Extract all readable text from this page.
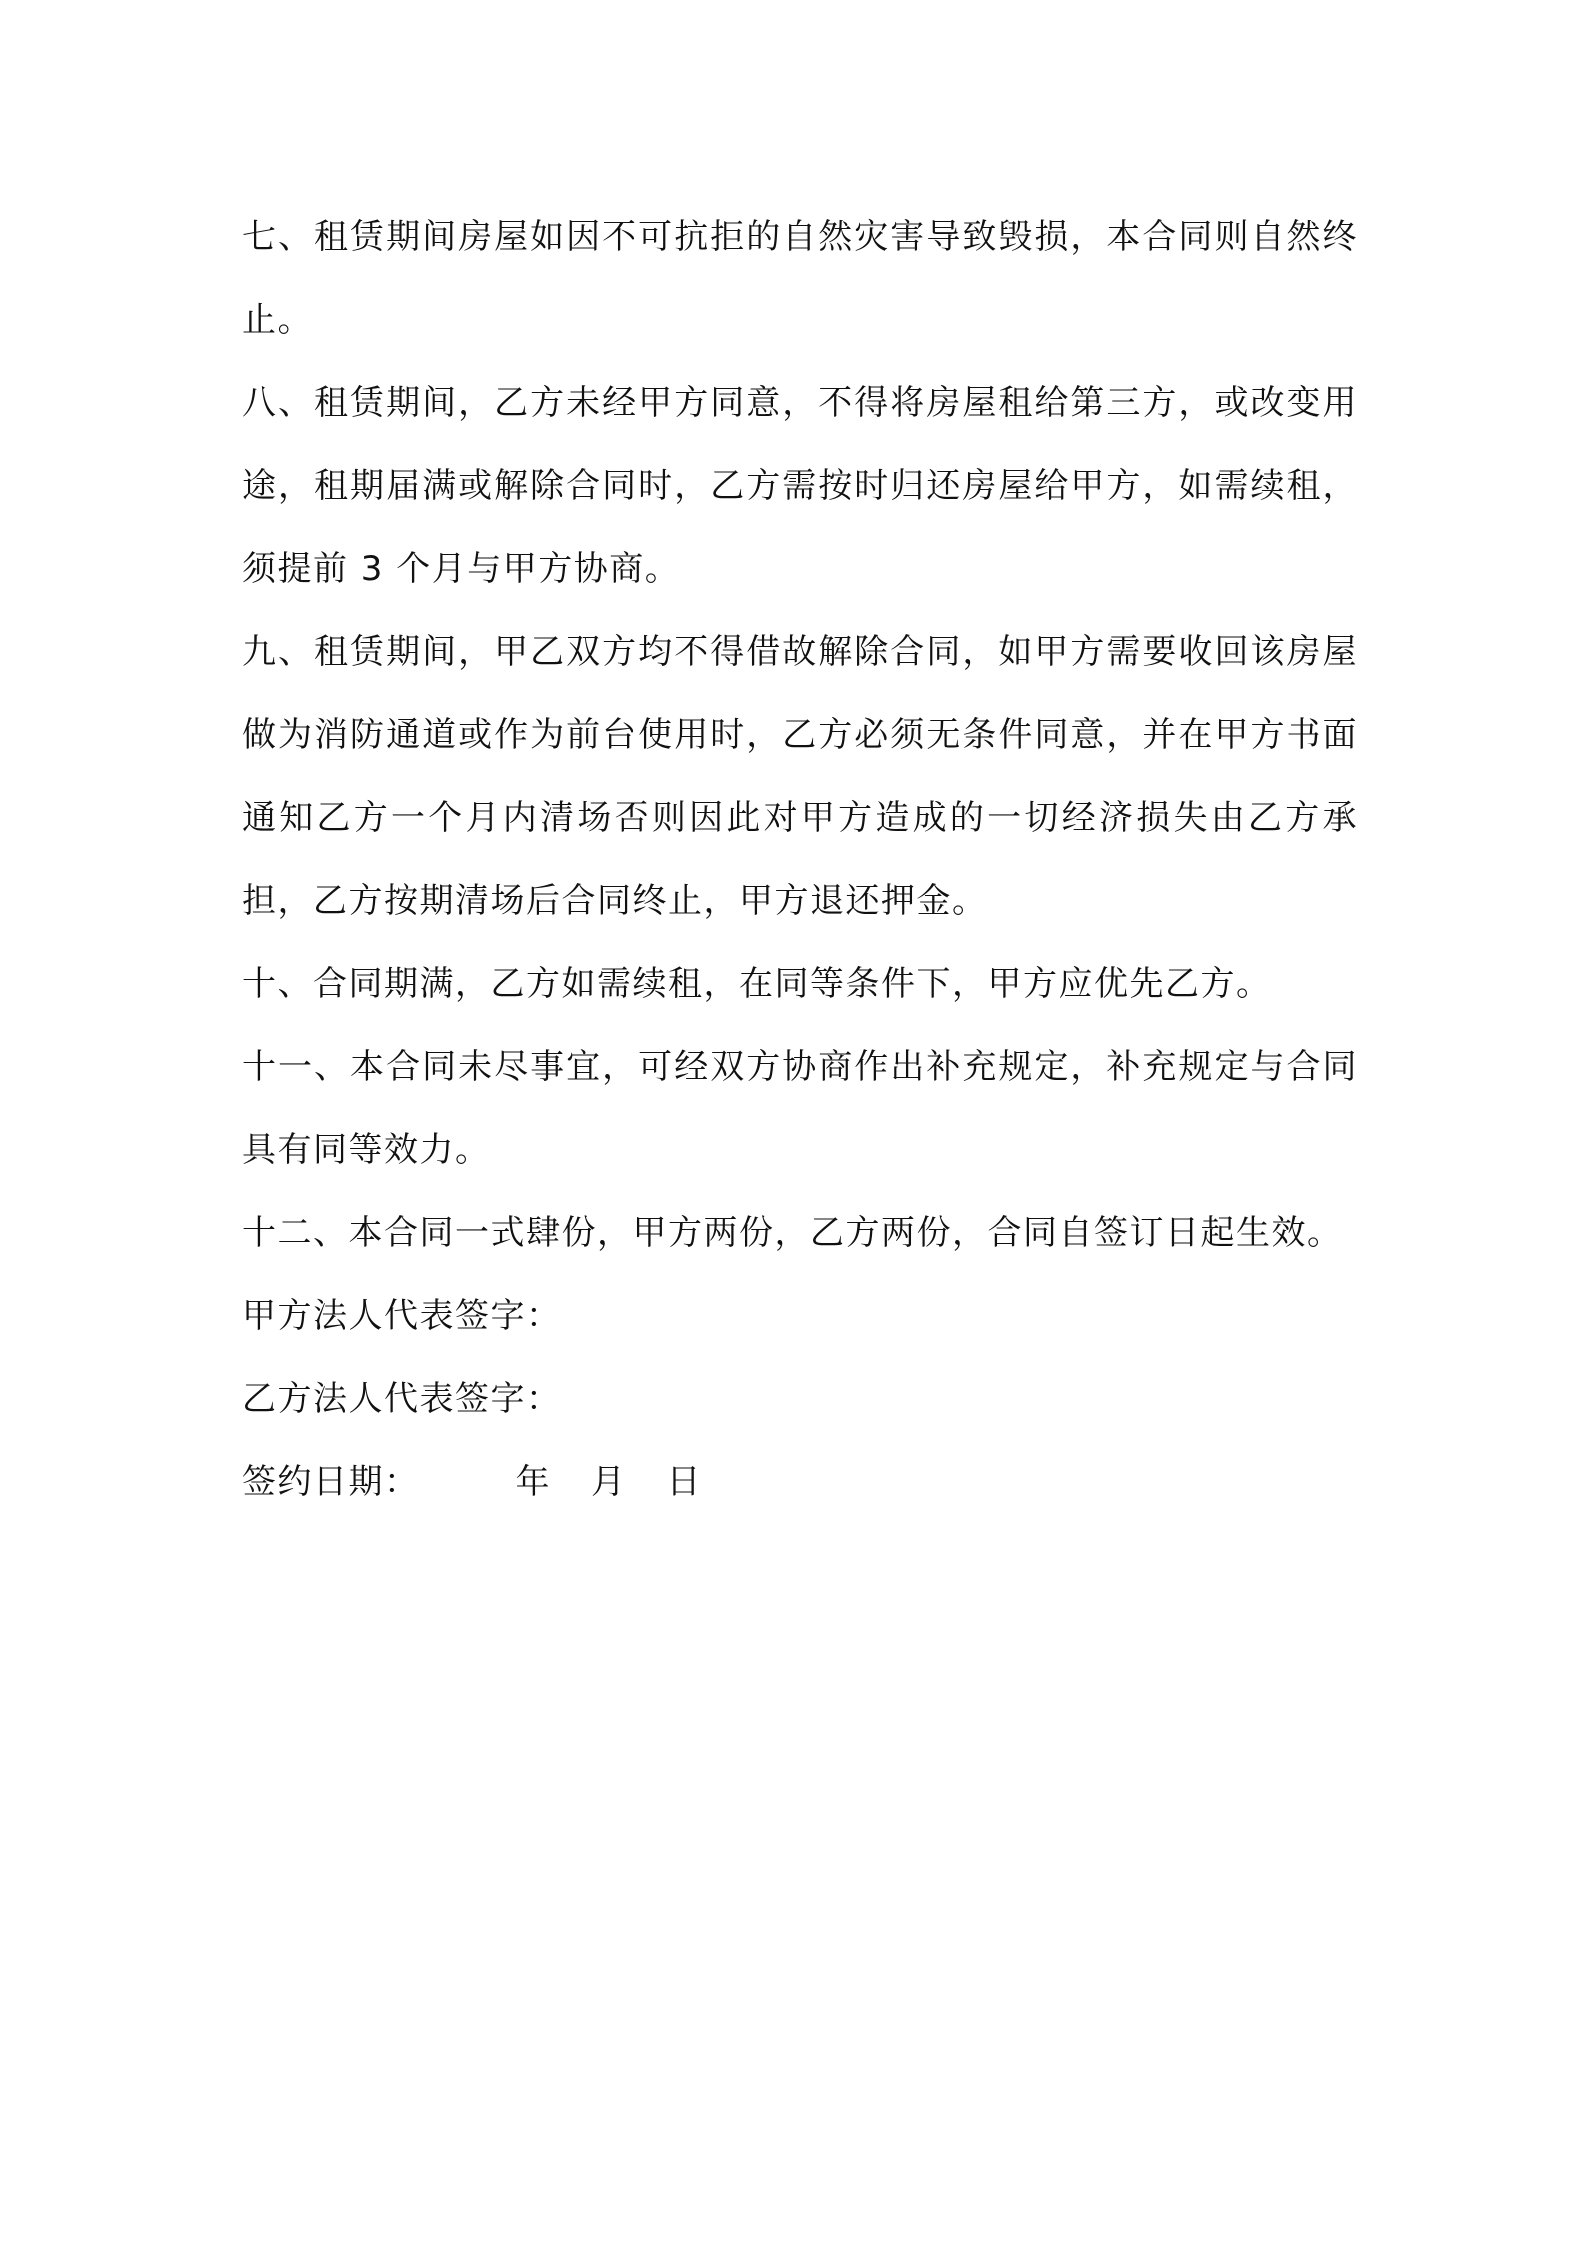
七、租赁期间房屋如因不可抗拒的自然灾害导致毁损，本合同则自然终止。

八、租赁期间，乙方未经甲方同意，不得将房屋租给第三方，或改变用途，租期届满或解除合同时，乙方需按时归还房屋给甲方，如需续租，须提前 3 个月与甲方协商。

九、租赁期间，甲乙双方均不得借故解除合同，如甲方需要收回该房屋做为消防通道或作为前台使用时，乙方必须无条件同意，并在甲方书面通知乙方一个月内清场否则因此对甲方造成的一切经济损失由乙方承担，乙方按期清场后合同终止，甲方退还押金。

十、合同期满，乙方如需续租，在同等条件下，甲方应优先乙方。

十一、本合同未尽事宜，可经双方协商作出补充规定，补充规定与合同具有同等效力。

十二、本合同一式肆份，甲方两份，乙方两份，合同自签订日起生效。

甲方法人代表签字：

乙方法人代表签字：

签约日期：	年 月 日
